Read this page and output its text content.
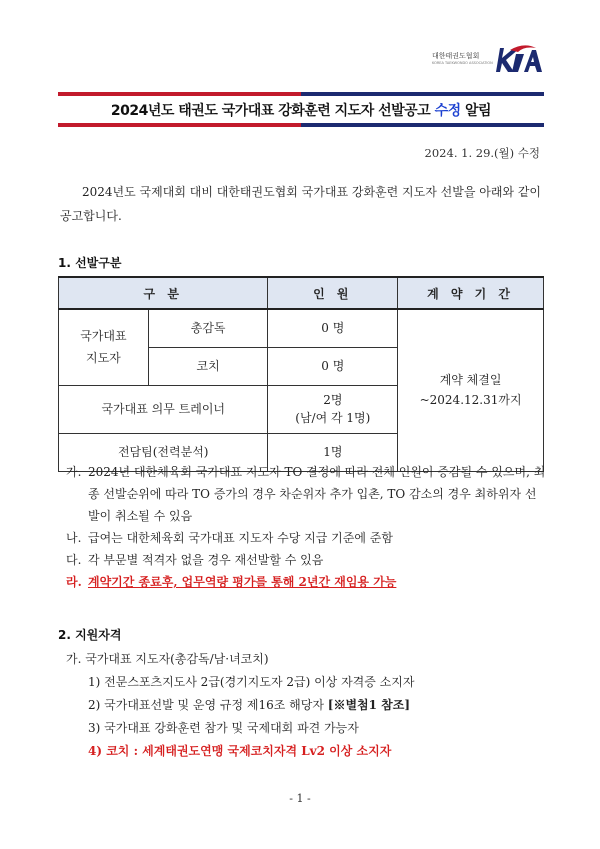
대한태권도협회
KOREA TAEKWONDO ASSOCIATION
2024년도 태권도 국가대표 강화훈련 지도자 선발공고 수정 알림
2024. 1. 29.(월) 수정

2024년도 국제대회 대비 대한태권도협회 국가대표 강화훈련 지도자 선발을 아래와 같이 공고합니다.

1. 선발구분
구 분		인 원	계 약 기 간
국가대표
지도자	총감독	0 명	계약 체결일
~2024.12.31까지
	코치	0 명	
국가대표 의무 트레이너		2명
(남/여 각 1명)	
전담팀(전력분석)		1명	
가. 2024년 대한체육회 국가대표 지도자 TO 결정에 따라 전체 인원이 증감될 수 있으며, 최종 선발순위에 따라 TO 증가의 경우 차순위자 추가 입촌, TO 감소의 경우 최하위자 선발이 취소될 수 있음
나. 급여는 대한체육회 국가대표 지도자 수당 지급 기준에 준함
다. 각 부문별 적격자 없을 경우 재선발할 수 있음
라. 계약기간 종료후, 업무역량 평가를 통해 2년간 재임용 가능
2. 지원자격
가. 국가대표 지도자(총감독/남·녀코치)
1) 전문스포츠지도사 2급(경기지도자 2급) 이상 자격증 소지자
2) 국가대표선발 및 운영 규정 제16조 해당자 [※별첨1 참조]
3) 국가대표 강화훈련 참가 및 국제대회 파견 가능자
4) 코치 : 세계태권도연맹 국제코치자격 Lv2 이상 소지자
- 1 -
